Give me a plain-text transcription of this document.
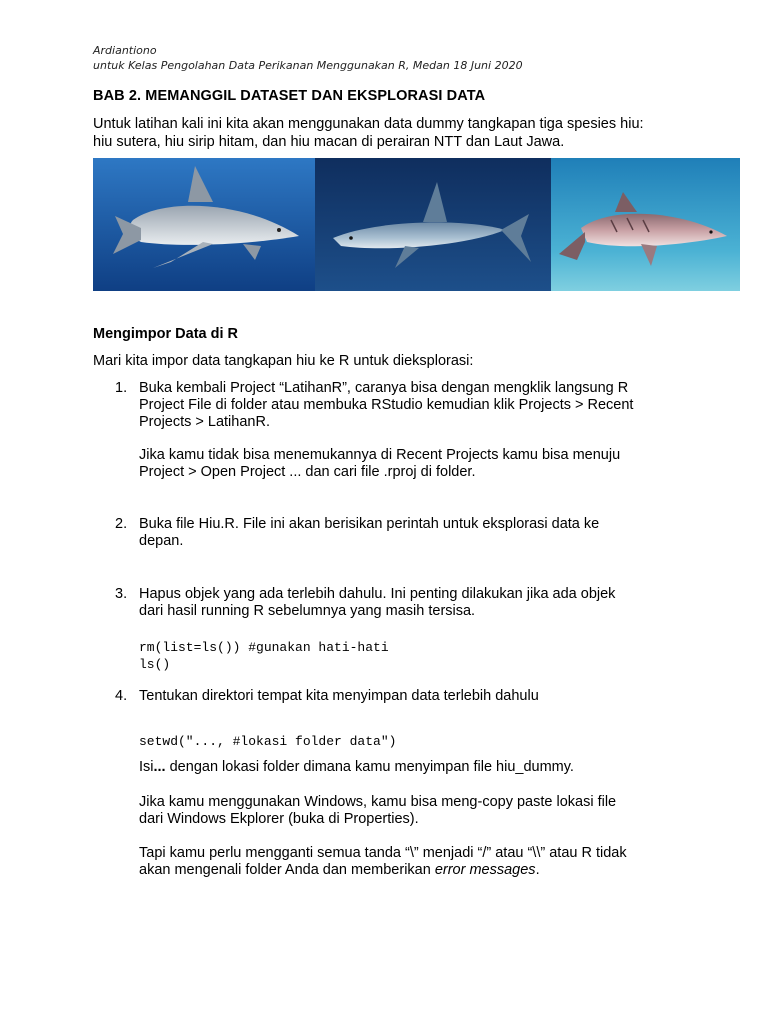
Ardiantiono
untuk Kelas Pengolahan Data Perikanan Menggunakan R, Medan 18 Juni 2020
BAB 2. MEMANGGIL DATASET DAN EKSPLORASI DATA
Untuk latihan kali ini kita akan menggunakan data dummy tangkapan tiga spesies hiu: hiu sutera, hiu sirip hitam, dan hiu macan di perairan NTT dan Laut Jawa.
Mengimpor Data di R
Mari kita impor data tangkapan hiu ke R untuk dieksplorasi:
1. Buka kembali Project “LatihanR”, caranya bisa dengan mengklik langsung R
Project File di folder atau membuka RStudio kemudian klik Projects > Recent
Projects > LatihanR.
Jika kamu tidak bisa menemukannya di Recent Projects kamu bisa menuju
Project > Open Project ... dan cari file .rproj di folder.
2. Buka file Hiu.R. File ini akan berisikan perintah untuk eksplorasi data ke
depan.
3. Hapus objek yang ada terlebih dahulu. Ini penting dilakukan jika ada objek
dari hasil running R sebelumnya yang masih tersisa.
rm(list=ls()) #gunakan hati-hati
ls()
4. Tentukan direktori tempat kita menyimpan data terlebih dahulu
setwd("..., #lokasi folder data")
Isi... dengan lokasi folder dimana kamu menyimpan file hiu_dummy.
Jika kamu menggunakan Windows, kamu bisa meng-copy paste lokasi file
dari Windows Ekplorer (buka di Properties).
Tapi kamu perlu mengganti semua tanda “\” menjadi “/” atau “\\” atau R tidak
akan mengenali folder Anda dan memberikan error messages.
